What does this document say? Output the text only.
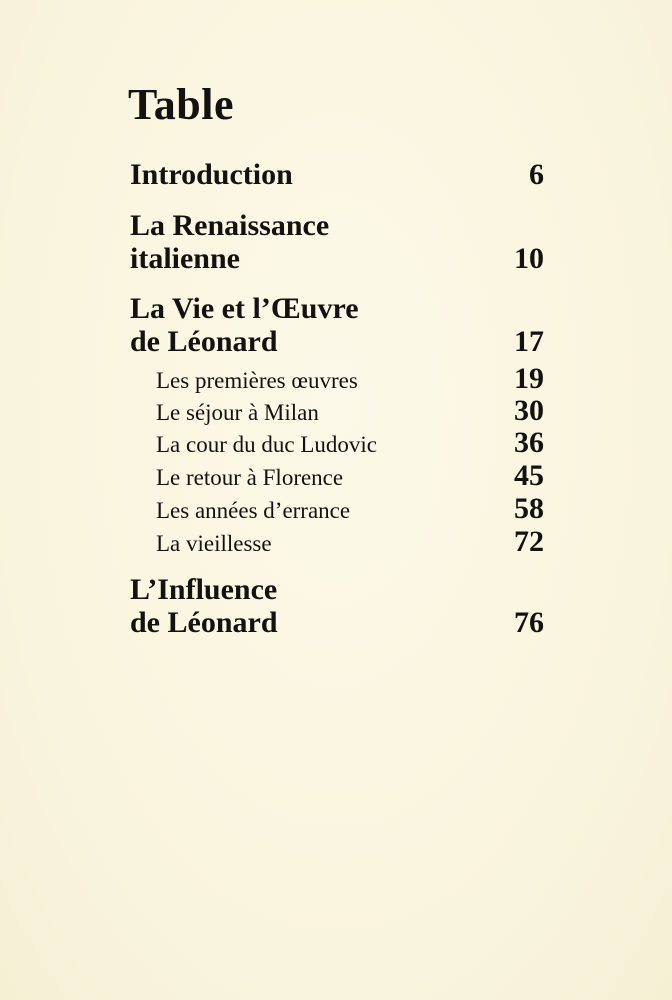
Table
Introduction	6
La Renaissance
italienne	10
La Vie et l’Œuvre
de Léonard	17
Les premières œuvres	19
Le séjour à Milan	30
La cour du duc Ludovic	36
Le retour à Florence	45
Les années d’errance	58
La vieillesse	72
L’Influence
de Léonard	76
